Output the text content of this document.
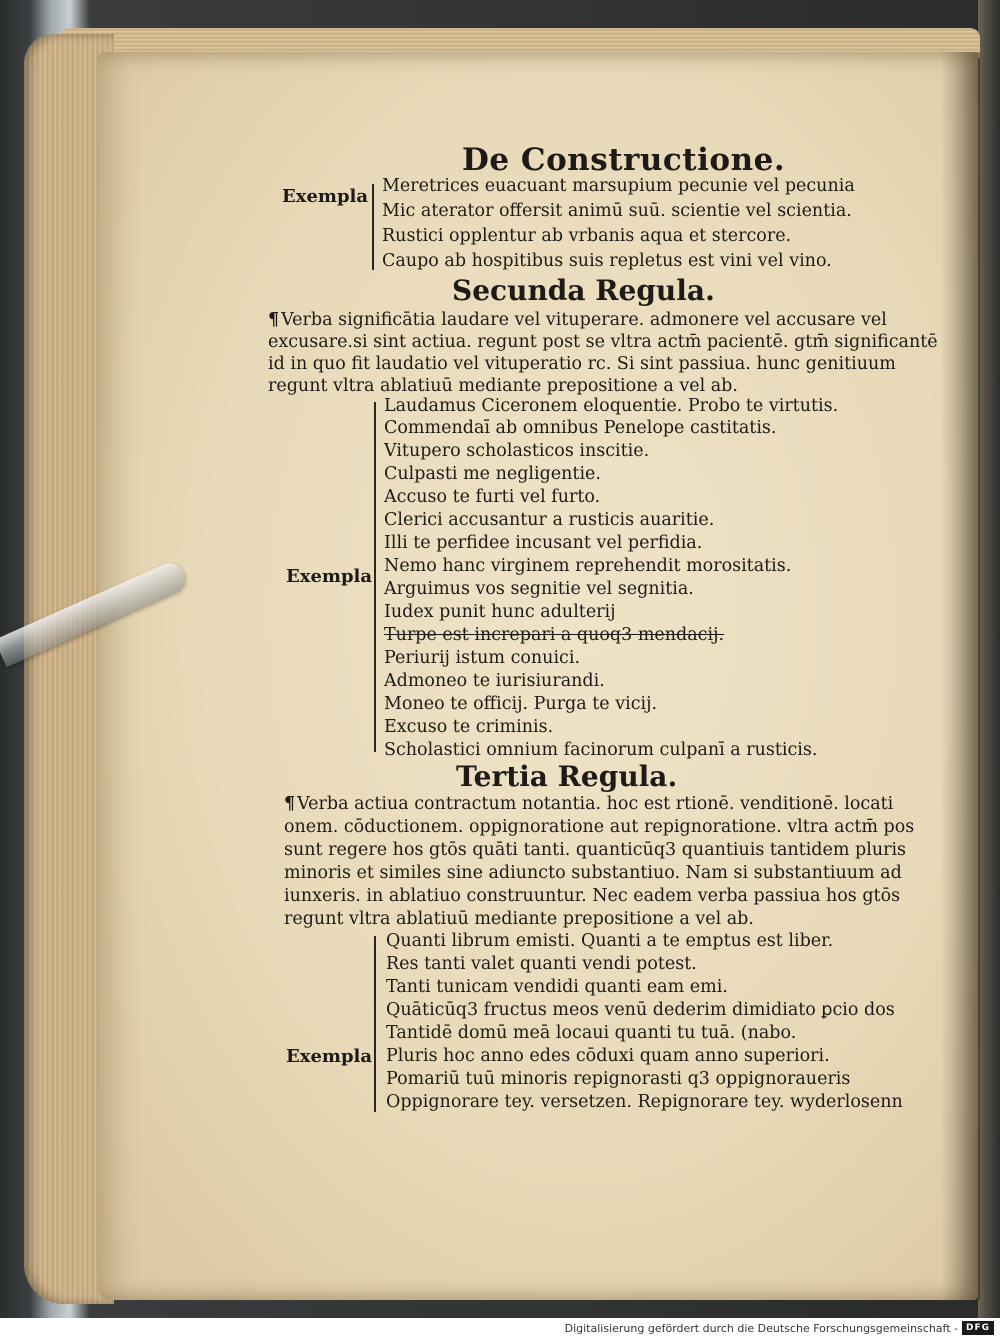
De Constructione.
Exempla Meretrices euacuant marsupium pecunie vel pecunia
Mic aterator offersit animū suū. scientie vel scientia.
Rustici opplentur ab vrbanis aqua et stercore.
Caupo ab hospitibus suis repletus est vini vel vino.
Secunda Regula.
¶ Verba significātia laudare vel vituperare. admonere vel accusare vel
excusare.si sint actiua. regunt post se vltra actm̄ pacientē. gtm̄ significantē
id in quo fit laudatio vel vituperatio rc. Si sint passiua. hunc genitiuum
regunt vltra ablatiuū mediante prepositione a vel ab.
Exempla
Laudamus Ciceronem eloquentie. Probo te virtutis.
Commendaī ab omnibus Penelope castitatis.
Vitupero scholasticos inscitie.
Culpasti me negligentie.
Accuso te furti vel furto.
Clerici accusantur a rusticis auaritie.
Illi te perfidee incusant vel perfidia.
Nemo hanc virginem reprehendit morositatis.
Arguimus vos segnitie vel segnitia.
Iudex punit hunc adulterij
Turpe est increpari a quoq3 mendacij.
Periurij istum conuici.
Admoneo te iurisiurandi.
Moneo te officij. Purga te vicij.
Excuso te criminis.
Scholastici omnium facinorum culpanī a rusticis.
Tertia Regula.
¶ Verba actiua contractum notantia. hoc est rtionē. venditionē. locati
onem. cōductionem. oppignoratione aut repignoratione. vltra actm̄ pos
sunt regere hos gtōs quāti tanti. quanticūq3 quantiuis tantidem pluris
minoris et similes sine adiuncto substantiuo. Nam si substantiuum ad
iunxeris. in ablatiuo construuntur. Nec eadem verba passiua hos gtōs
regunt vltra ablatiuū mediante prepositione a vel ab.
Exempla
Quanti librum emisti. Quanti a te emptus est liber.
Res tanti valet quanti vendi potest.
Tanti tunicam vendidi quanti eam emi.
Quāticūq3 fructus meos venū dederim dimidiato ꝑcio dos
Tantidē domū meā locaui quanti tu tuā. (nabo.
Pluris hoc anno edes cōduxi quam anno superiori.
Pomariū tuū minoris repignorasti q3 oppignoraueris
Oppignorare tey. versetzen. Repignorare tey. wyderlosenn
Digitalisierung gefördert durch die Deutsche Forschungsgemeinschaft - DFG
